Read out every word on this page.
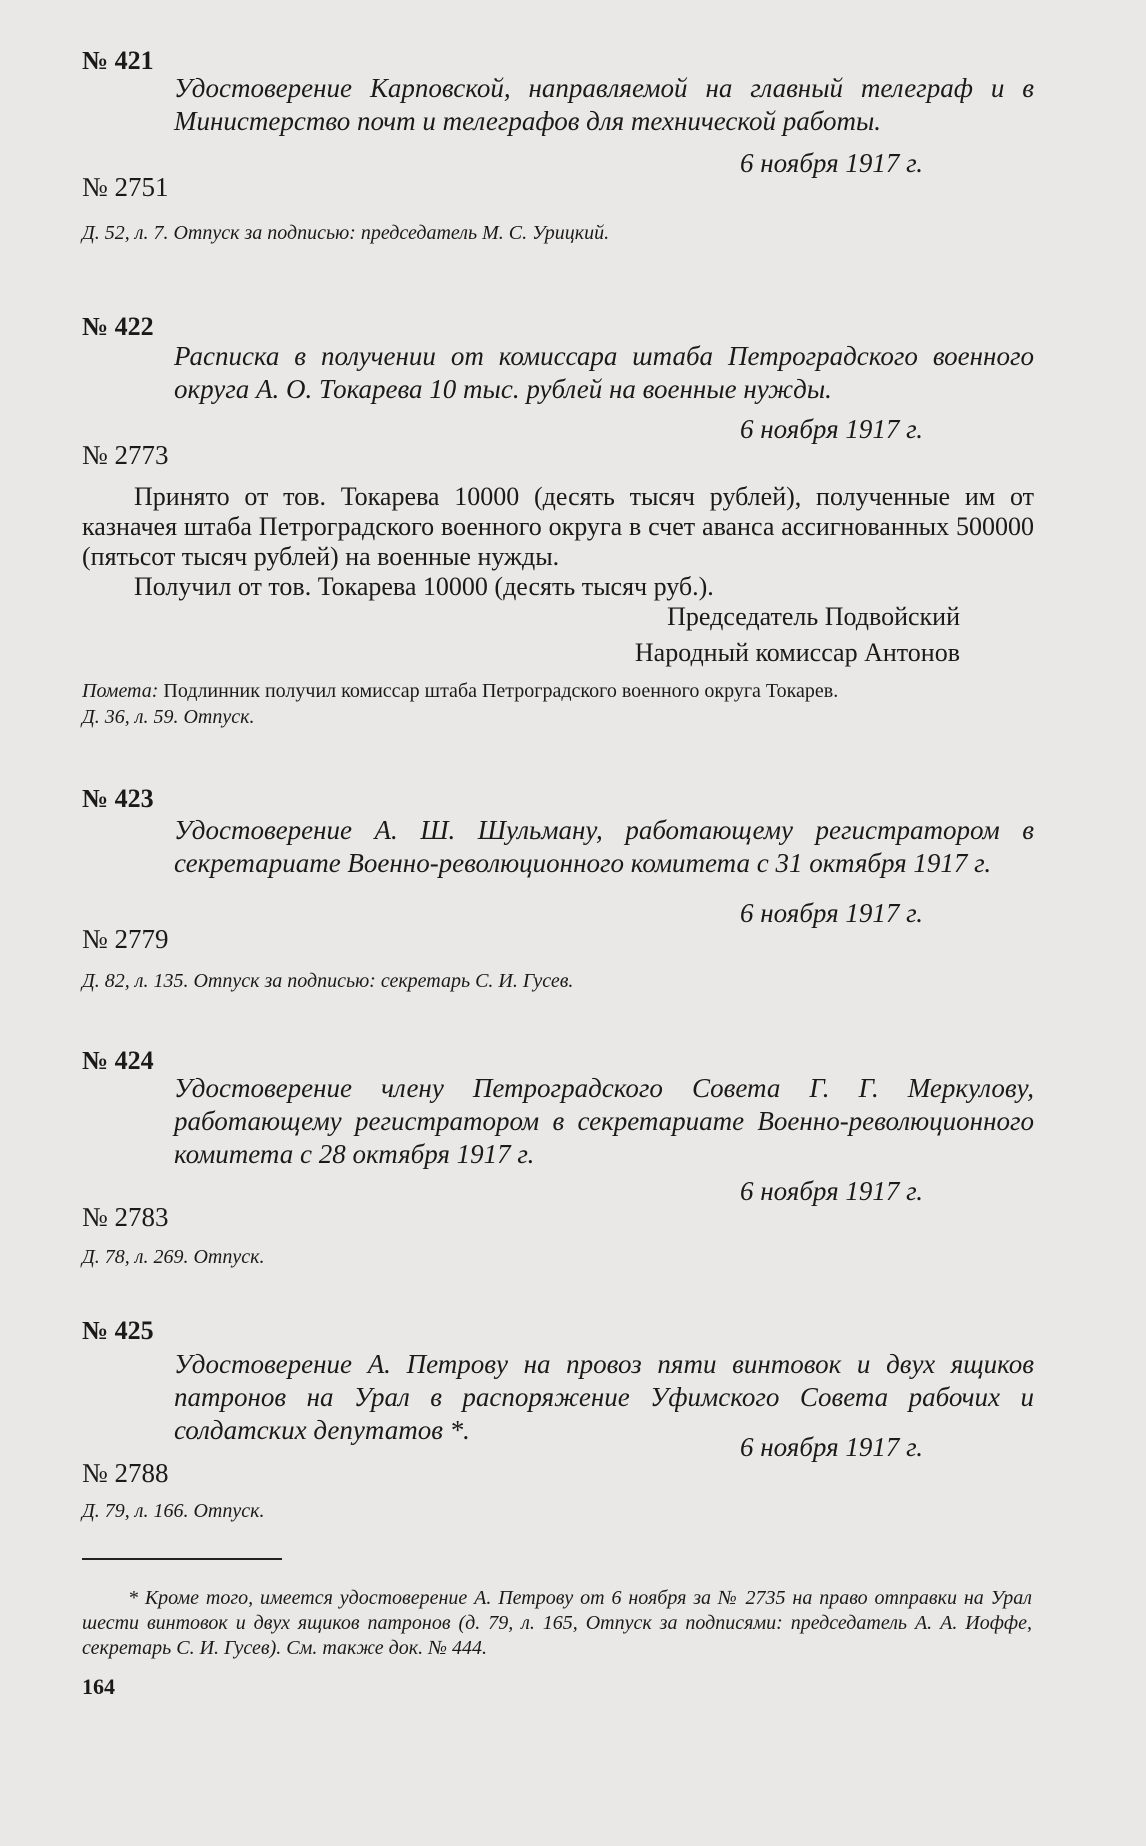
№ 421
Удостоверение Карповской, направляемой на главный телеграф и в Министерство почт и телеграфов для технической работы.
6 ноября 1917 г.
№ 2751
Д. 52, л. 7. Отпуск за подписью: председатель М. С. Урицкий.
№ 422
Расписка в получении от комиссара штаба Петроградского военного округа А. О. Токарева 10 тыс. рублей на военные нужды.
6 ноября 1917 г.
№ 2773

Принято от тов. Токарева 10000 (десять тысяч рублей), полученные им от казначея штаба Петроградского военного округа в счет аванса ассигнованных 500000 (пятьсот тысяч рублей) на военные нужды.

Получил от тов. Токарева 10000 (десять тысяч руб.).

Председатель Подвойский
Народный комиссар Антонов
Помета: Подлинник получил комиссар штаба Петроградского военного округа Токарев.
Д. 36, л. 59. Отпуск.
№ 423
Удостоверение А. Ш. Шульману, работающему регистратором в секретариате Военно-революционного комитета с 31 октября 1917 г.
6 ноября 1917 г.
№ 2779
Д. 82, л. 135. Отпуск за подписью: секретарь С. И. Гусев.
№ 424
Удостоверение члену Петроградского Совета Г. Г. Меркулову, работающему регистратором в секретариате Военно-революционного комитета с 28 октября 1917 г.
6 ноября 1917 г.
№ 2783
Д. 78, л. 269. Отпуск.
№ 425
Удостоверение А. Петрову на провоз пяти винтовок и двух ящиков патронов на Урал в распоряжение Уфимского Совета рабочих и солдатских депутатов *.
6 ноября 1917 г.
№ 2788
Д. 79, л. 166. Отпуск.
* Кроме того, имеется удостоверение А. Петрову от 6 ноября за № 2735 на право отправки на Урал шести винтовок и двух ящиков патронов (д. 79, л. 165, Отпуск за подписями: председатель А. А. Иоффе, секретарь С. И. Гусев). См. также док. № 444.
164
